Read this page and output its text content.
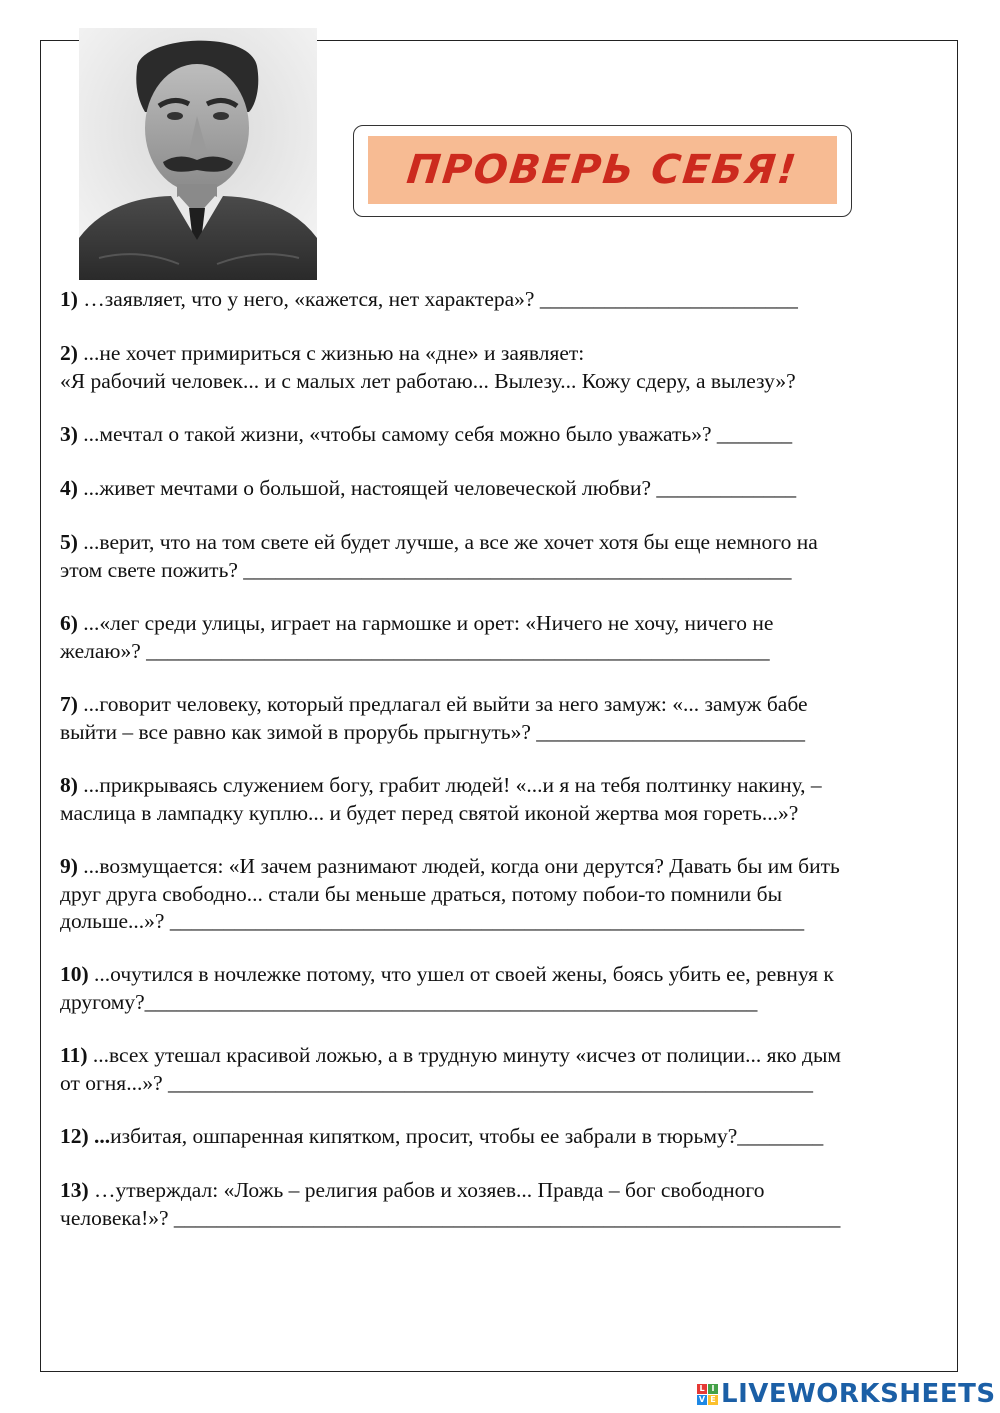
ПРОВЕРЬ СЕБЯ!
1) …заявляет, что у него, «кажется, нет характера»? ________________________
2) ...не хочет примириться с жизнью на «дне» и заявляет:
«Я рабочий человек... и с малых лет работаю... Вылезу... Кожу сдеру, а вылезу»?
3) ...мечтал о такой жизни, «чтобы самому себя можно было уважать»? _______
4) ...живет мечтами о большой, настоящей человеческой любви? _____________
5) ...верит, что на том свете ей будет лучше, а все же хочет хотя бы еще немного на
этом свете пожить? ___________________________________________________
6) ...«лег среди улицы, играет на гармошке и орет: «Ничего не хочу, ничего не
желаю»? __________________________________________________________
7) ...говорит человеку, который предлагал ей выйти за него замуж: «... замуж бабе
выйти – все равно как зимой в прорубь прыгнуть»? _________________________
8) ...прикрываясь служением богу, грабит людей! «...и я на тебя полтинку накину, –
маслица в лампадку куплю... и будет перед святой иконой жертва моя гореть...»?
9) ...возмущается: «И зачем разнимают людей, когда они дерутся? Давать бы им бить
друг друга свободно... стали бы меньше драться, потому побои-то помнили бы
дольше...»? ___________________________________________________________
10) ...очутился в ночлежке потому, что ушел от своей жены, боясь убить ее, ревнуя к
другому?_________________________________________________________
11) ...всех утешал красивой ложью, а в трудную минуту «исчез от полиции... яко дым
от огня...»? ____________________________________________________________
12) ...избитая, ошпаренная кипятком, просит, чтобы ее забрали в тюрьму?________
13) …утверждал: «Ложь – религия рабов и хозяев... Правда – бог свободного
человека!»? ______________________________________________________________
L I
V E LIVEWORKSHEETS
